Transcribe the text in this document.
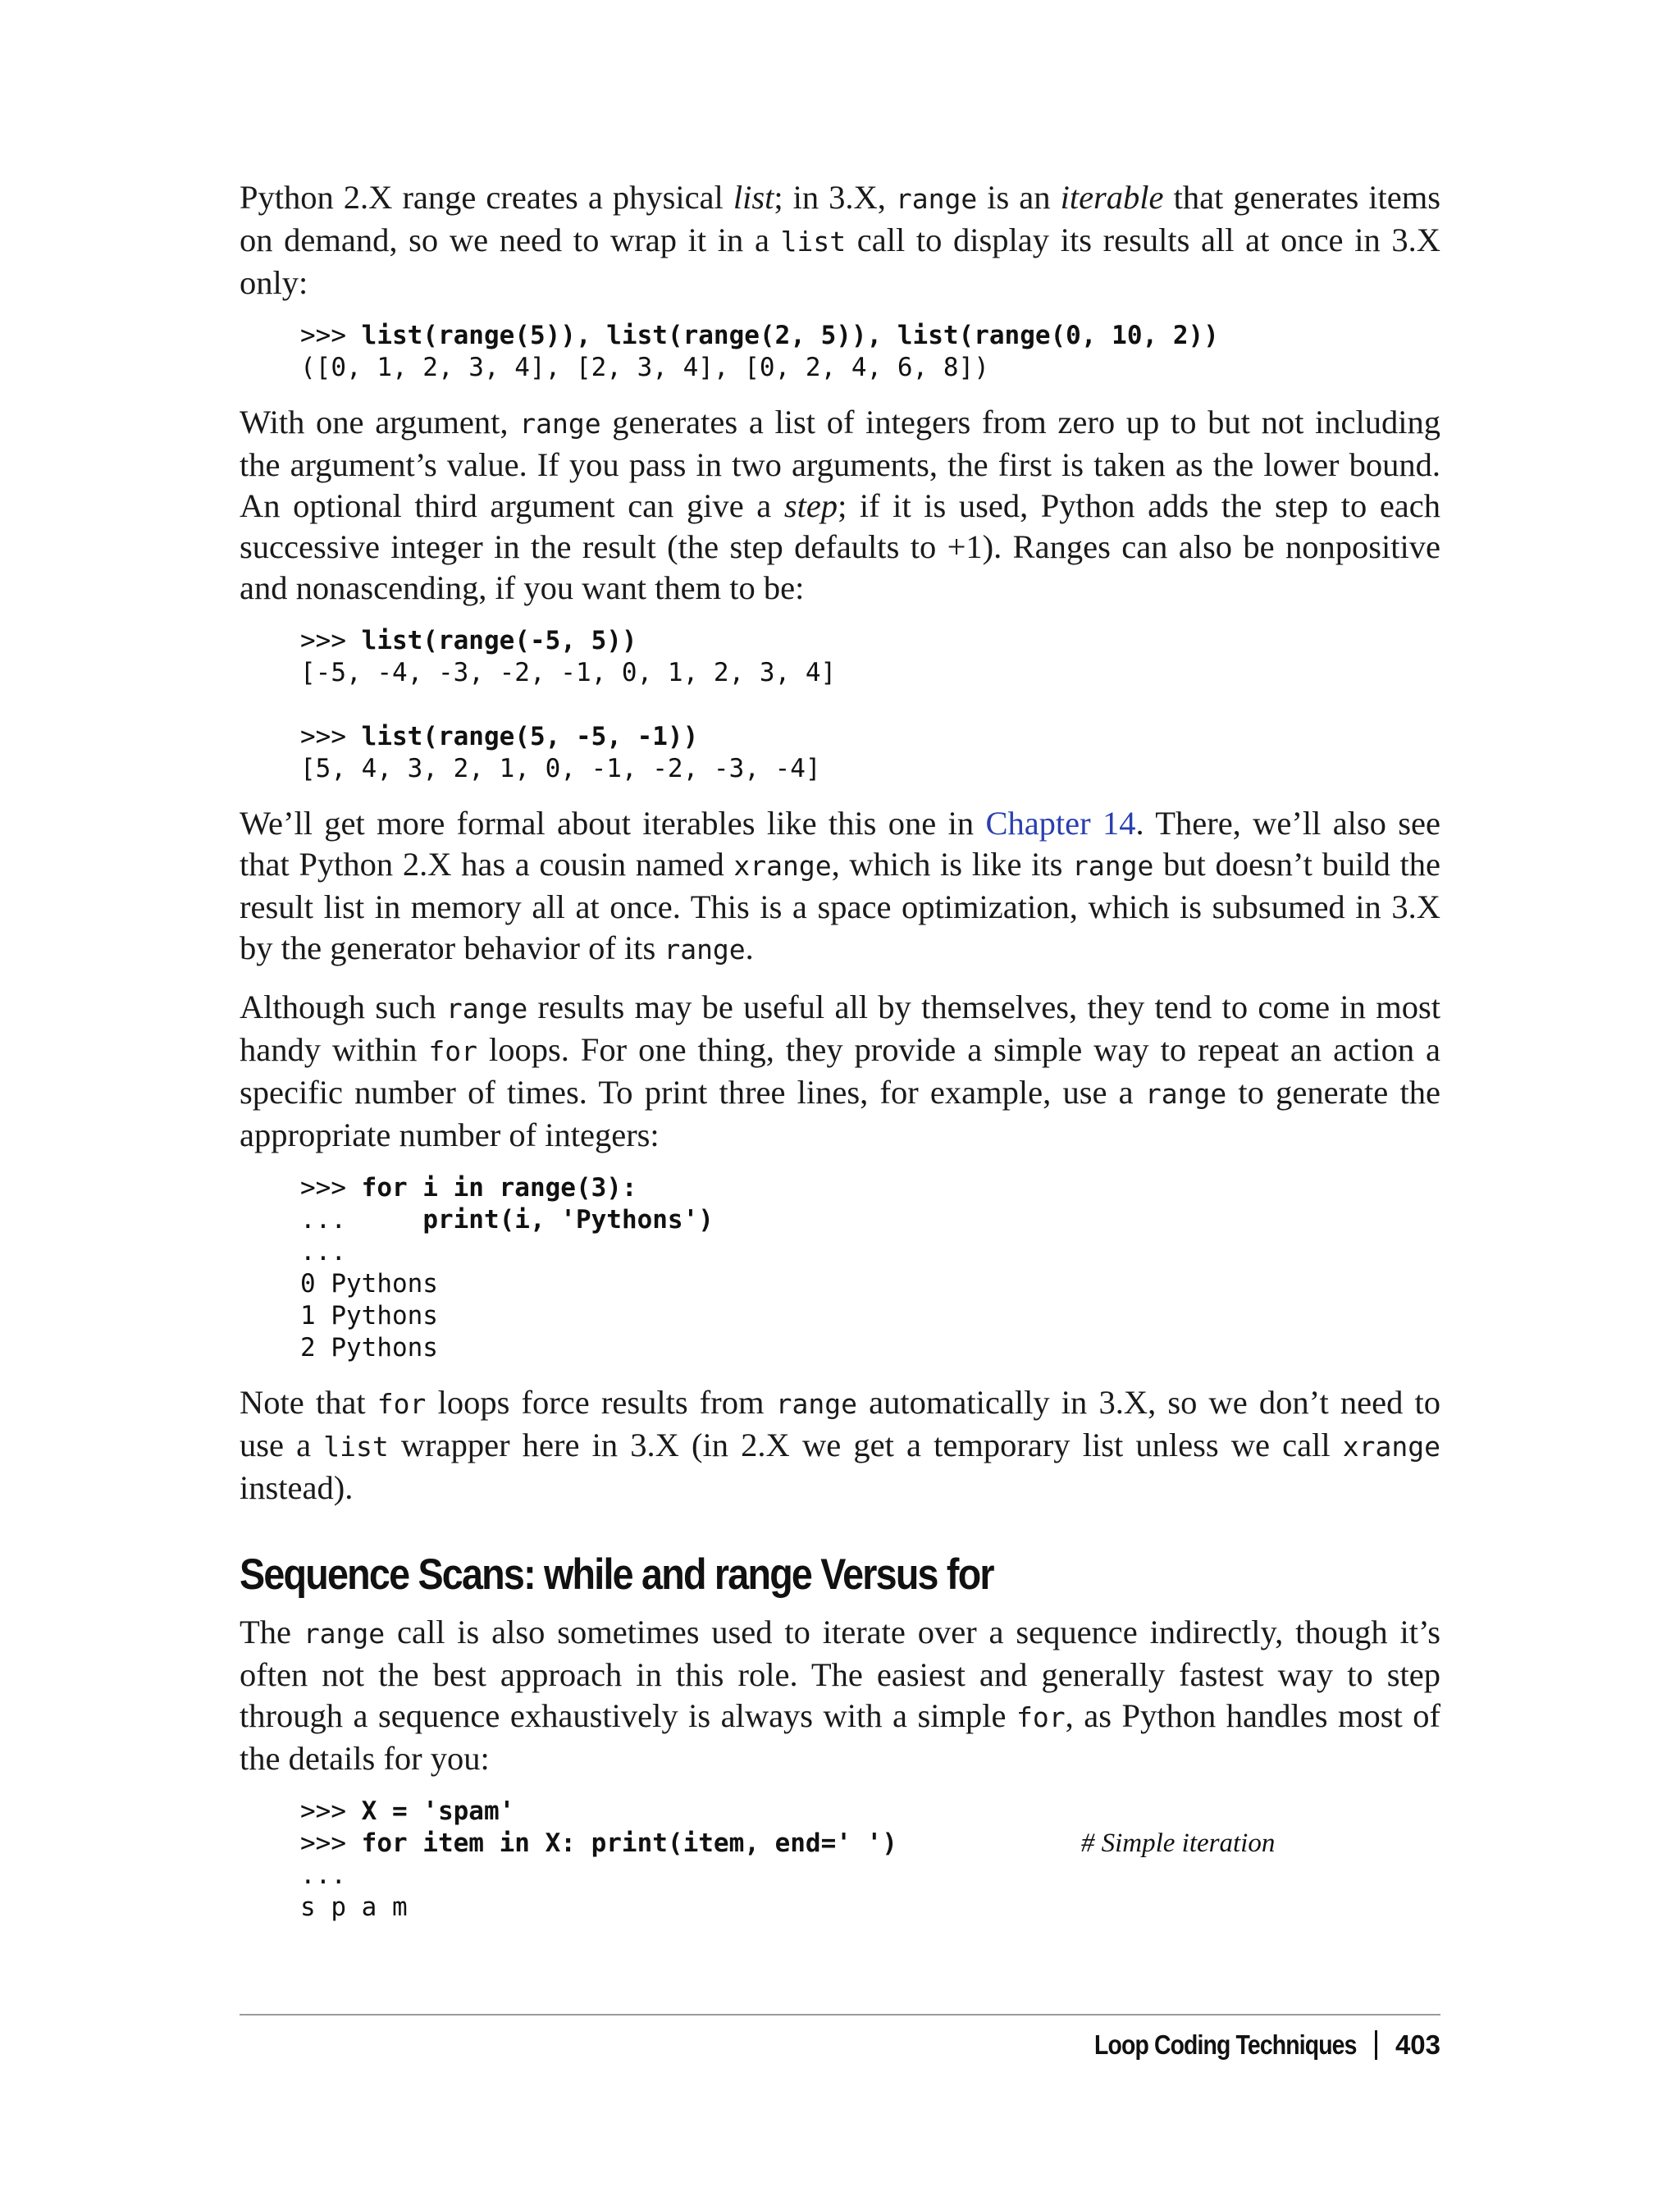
Python 2.X range creates a physical list; in 3.X, range is an iterable that generates items on demand, so we need to wrap it in a list call to display its results all at once in 3.X only:

>>> list(range(5)), list(range(2, 5)), list(range(0, 10, 2))
([0, 1, 2, 3, 4], [2, 3, 4], [0, 2, 4, 6, 8])

With one argument, range generates a list of integers from zero up to but not including the argument’s value. If you pass in two arguments, the first is taken as the lower bound. An optional third argument can give a step; if it is used, Python adds the step to each successive integer in the result (the step defaults to +1). Ranges can also be nonpositive and nonascending, if you want them to be:

>>> list(range(-5, 5))
[-5, -4, -3, -2, -1, 0, 1, 2, 3, 4]

>>> list(range(5, -5, -1))
[5, 4, 3, 2, 1, 0, -1, -2, -3, -4]

We’ll get more formal about iterables like this one in Chapter 14. There, we’ll also see that Python 2.X has a cousin named xrange, which is like its range but doesn’t build the result list in memory all at once. This is a space optimization, which is subsumed in 3.X by the generator behavior of its range.

Although such range results may be useful all by themselves, they tend to come in most handy within for loops. For one thing, they provide a simple way to repeat an action a specific number of times. To print three lines, for example, use a range to generate the appropriate number of integers:

>>> for i in range(3):
...     print(i, 'Pythons')
...
0 Pythons
1 Pythons
2 Pythons

Note that for loops force results from range automatically in 3.X, so we don’t need to use a list wrapper here in 3.X (in 2.X we get a temporary list unless we call xrange instead).

Sequence Scans: while and range Versus for

The range call is also sometimes used to iterate over a sequence indirectly, though it’s often not the best approach in this role. The easiest and generally fastest way to step through a sequence exhaustively is always with a simple for, as Python handles most of the details for you:

>>> X = 'spam'
>>> for item in X: print(item, end=' ')	# Simple iteration
...
s p a m
Loop Coding Techniques 403
